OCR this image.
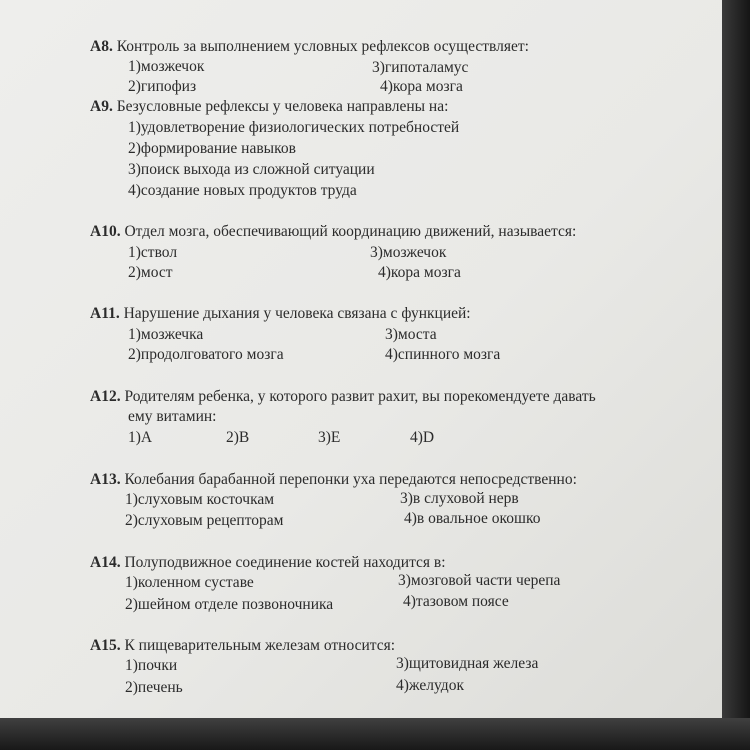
A8. Контроль за выполнением условных рефлексов осуществляет:
1)мозжечок	3)гипоталамус
2)гипофиз	4)кора мозга
A9. Безусловные рефлексы у человека направлены на:
1)удовлетворение физиологических потребностей
2)формирование навыков
3)поиск выхода из сложной ситуации
4)создание новых продуктов труда
A10. Отдел мозга, обеспечивающий координацию движений, называется:
1)ствол	3)мозжечок
2)мост	4)кора мозга
A11. Нарушение дыхания у человека связана с функцией:
1)мозжечка	3)моста
2)продолговатого мозга	4)спинного мозга
A12. Родителям ребенка, у которого развит рахит, вы порекомендуете давать
ему витамин:
1)A	2)B	3)E	4)D
A13. Колебания барабанной перепонки уха передаются непосредственно:
1)слуховым косточкам	3)в слуховой нерв
2)слуховым рецепторам	4)в овальное окошко
A14. Полуподвижное соединение костей находится в:
1)коленном суставе	3)мозговой части черепа
2)шейном отделе позвоночника	4)тазовом поясе
A15. К пищеварительным железам относится:
1)почки	3)щитовидная железа
2)печень	4)желудок
